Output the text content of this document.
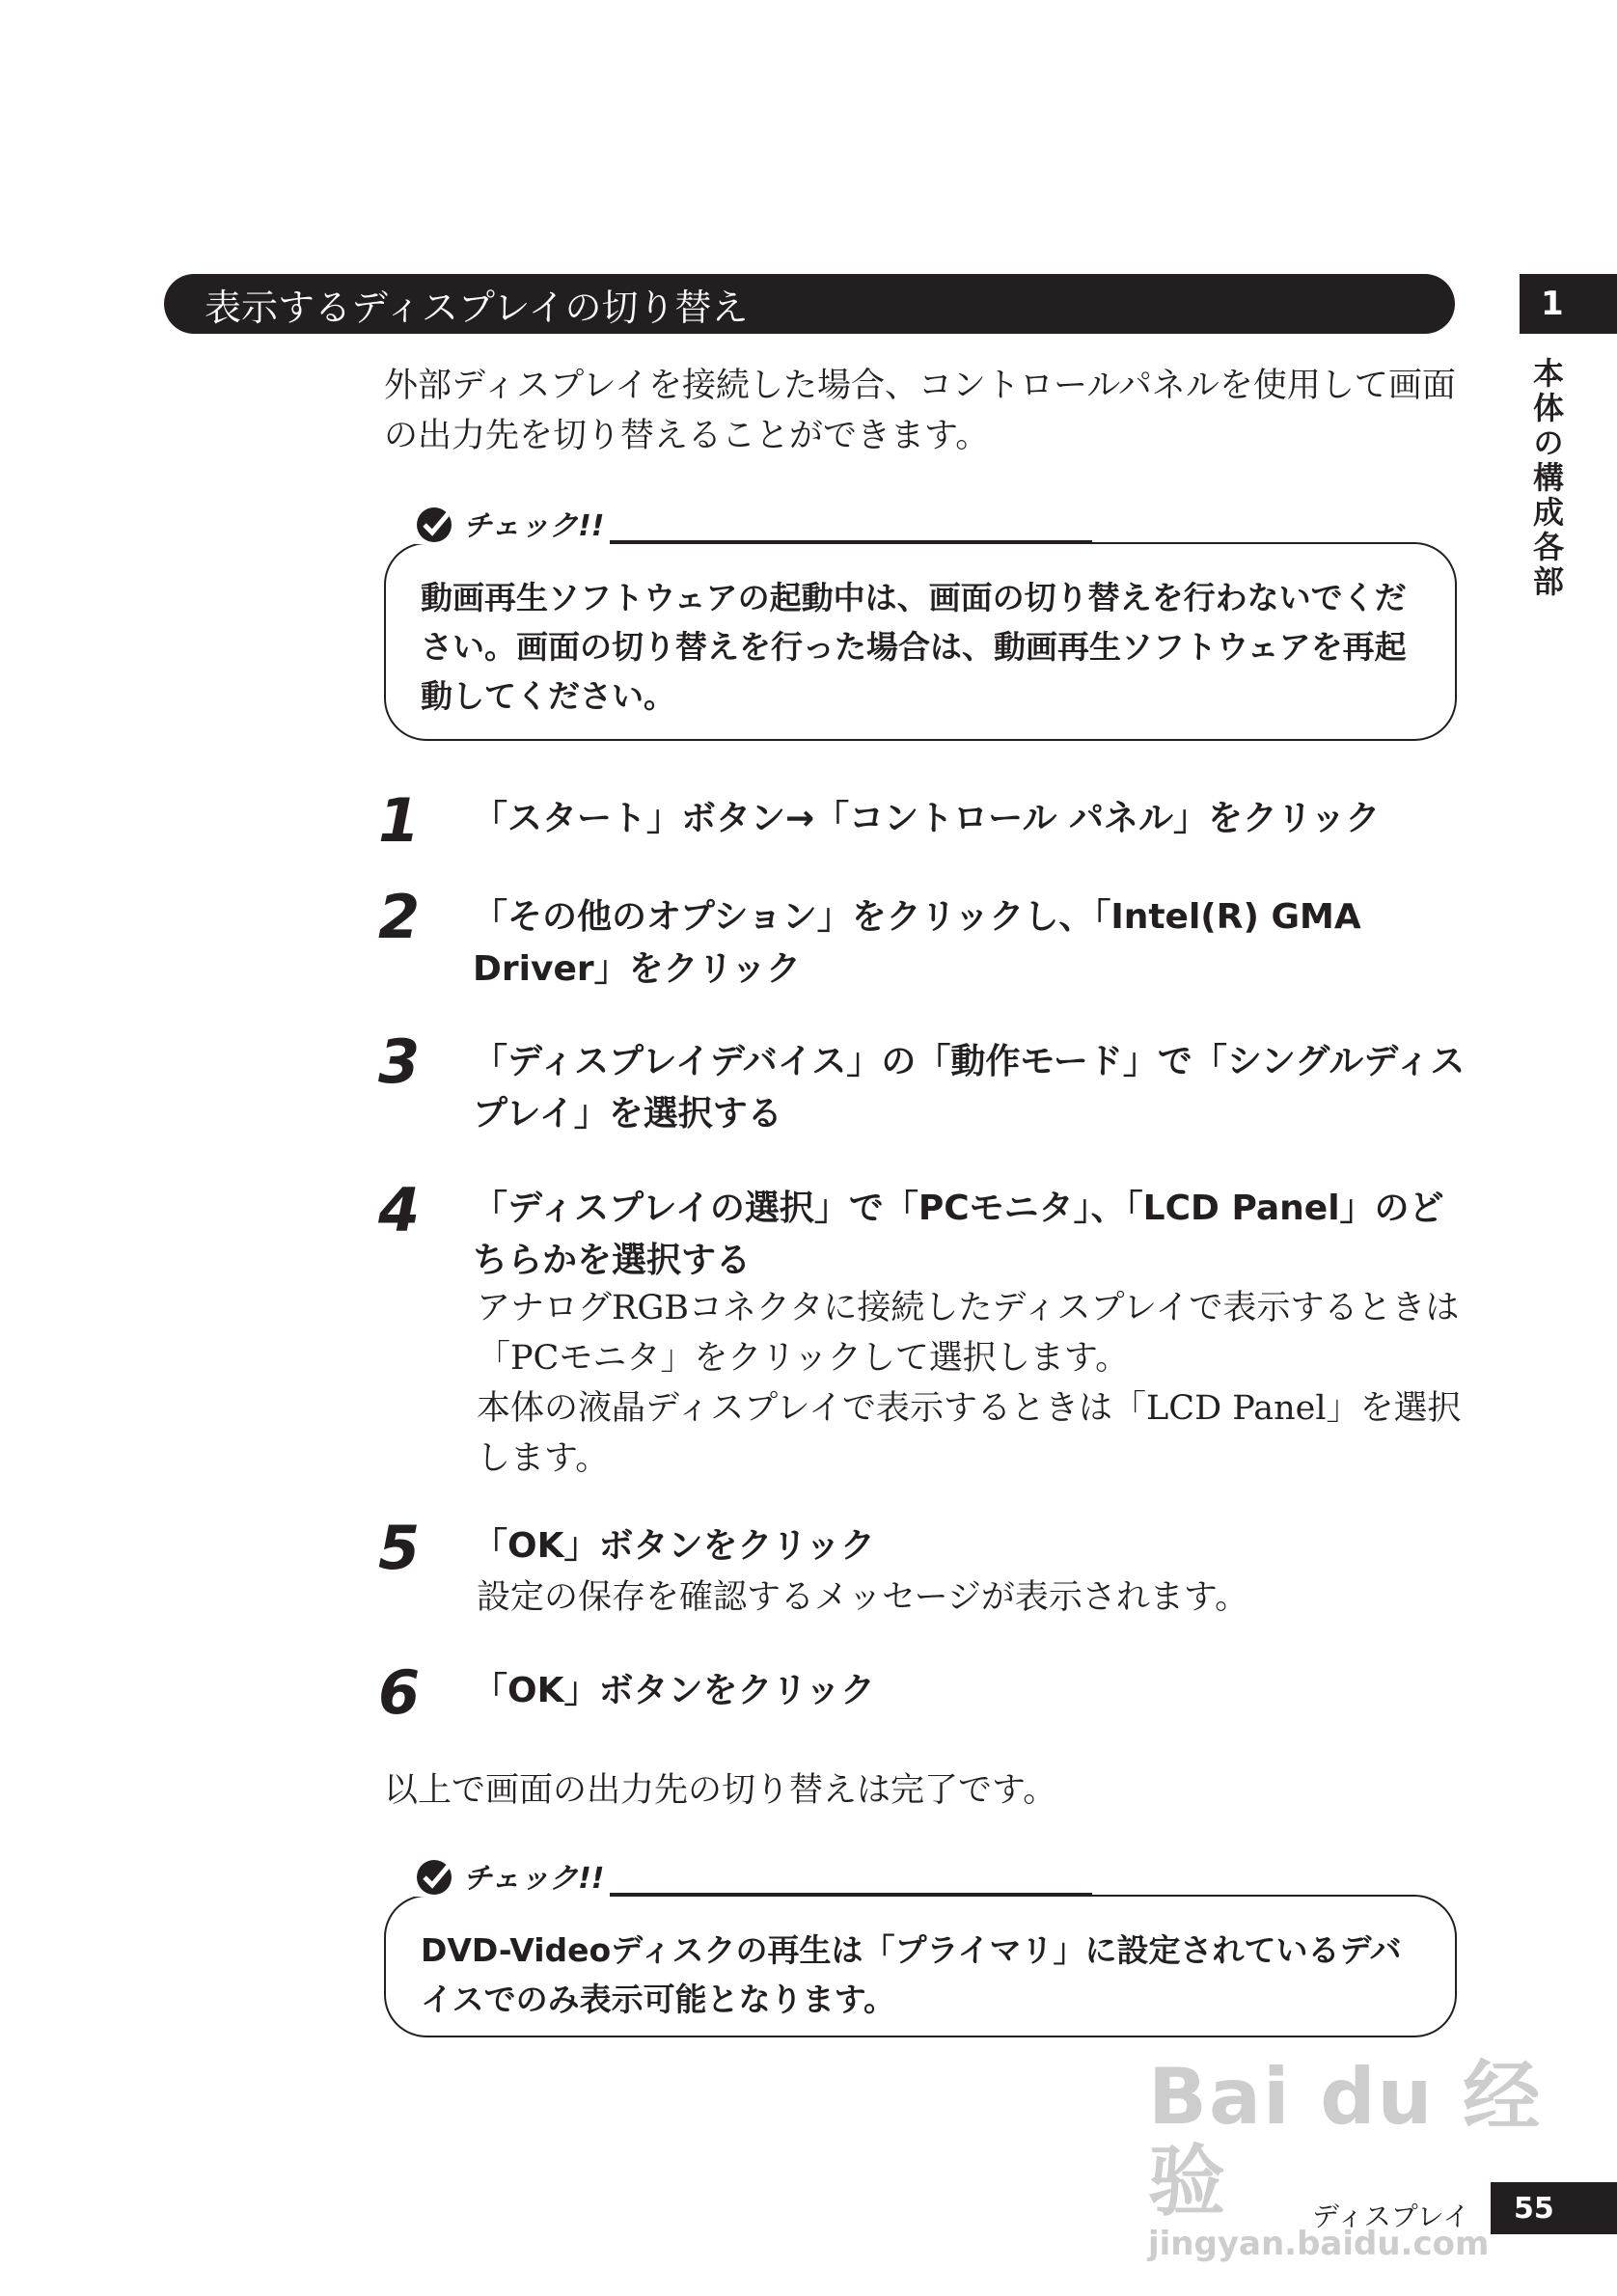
表示するディスプレイの切り替え	1
本体の構成各部

外部ディスプレイを接続した場合、コントロールパネルを使用して画面の出力先を切り替えることができます。

動画再生ソフトウェアの起動中は、画面の切り替えを行わないでください。画面の切り替えを行った場合は、動画再生ソフトウェアを再起動してください。
チェック!!
1 「スタート」ボタン→「コントロール パネル」をクリック

2 「その他のオプション」をクリックし、「Intel(R) GMA Driver」をクリック

3 「ディスプレイデバイス」の「動作モード」で「シングルディスプレイ」を選択する

4 「ディスプレイの選択」で「PCモニタ」、「LCD Panel」のどちらかを選択する

アナログRGBコネクタに接続したディスプレイで表示するときは「PCモニタ」をクリックして選択します。

本体の液晶ディスプレイで表示するときは「LCD Panel」を選択します。

5 「OK」ボタンをクリック

設定の保存を確認するメッセージが表示されます。

6 「OK」ボタンをクリック

以上で画面の出力先の切り替えは完了です。

DVD-Videoディスクの再生は「プライマリ」に設定されているデバイスでのみ表示可能となります。
チェック!!
Bai du 经验
jingyan.baidu.com
ディスプレイ 55
